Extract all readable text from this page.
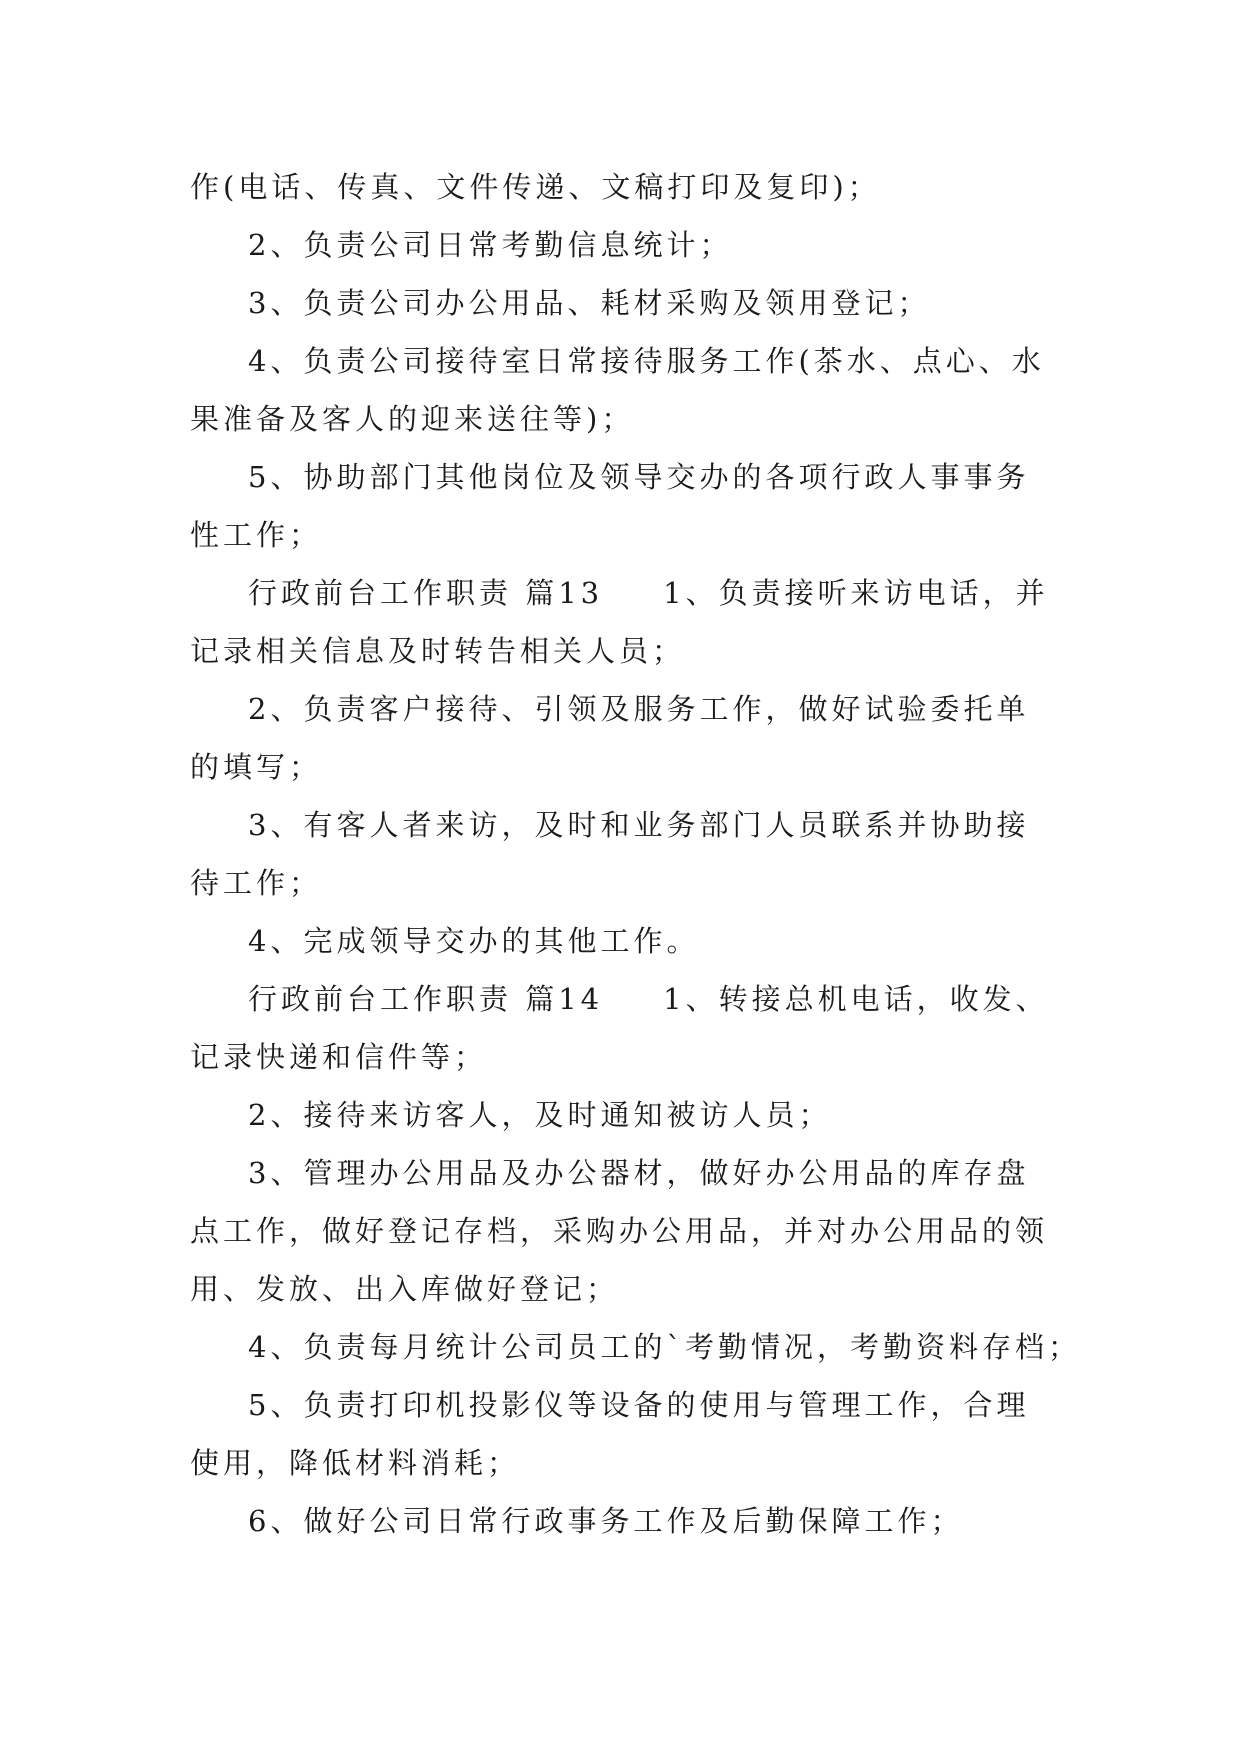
作(电话、传真、文件传递、文稿打印及复印)；

2、负责公司日常考勤信息统计；

3、负责公司办公用品、耗材采购及领用登记；

4、负责公司接待室日常接待服务工作(茶水、点心、水

果准备及客人的迎来送往等)；

5、协助部门其他岗位及领导交办的各项行政人事事务

性工作；

行政前台工作职责 篇13 1、负责接听来访电话，并

记录相关信息及时转告相关人员；

2、负责客户接待、引领及服务工作，做好试验委托单

的填写；

3、有客人者来访，及时和业务部门人员联系并协助接

待工作；

4、完成领导交办的其他工作。

行政前台工作职责 篇14 1、转接总机电话，收发、

记录快递和信件等；

2、接待来访客人，及时通知被访人员；

3、管理办公用品及办公器材，做好办公用品的库存盘

点工作，做好登记存档，采购办公用品，并对办公用品的领

用、发放、出入库做好登记；

4、负责每月统计公司员工的`考勤情况，考勤资料存档；

5、负责打印机投影仪等设备的使用与管理工作，合理

使用，降低材料消耗；

6、做好公司日常行政事务工作及后勤保障工作；
